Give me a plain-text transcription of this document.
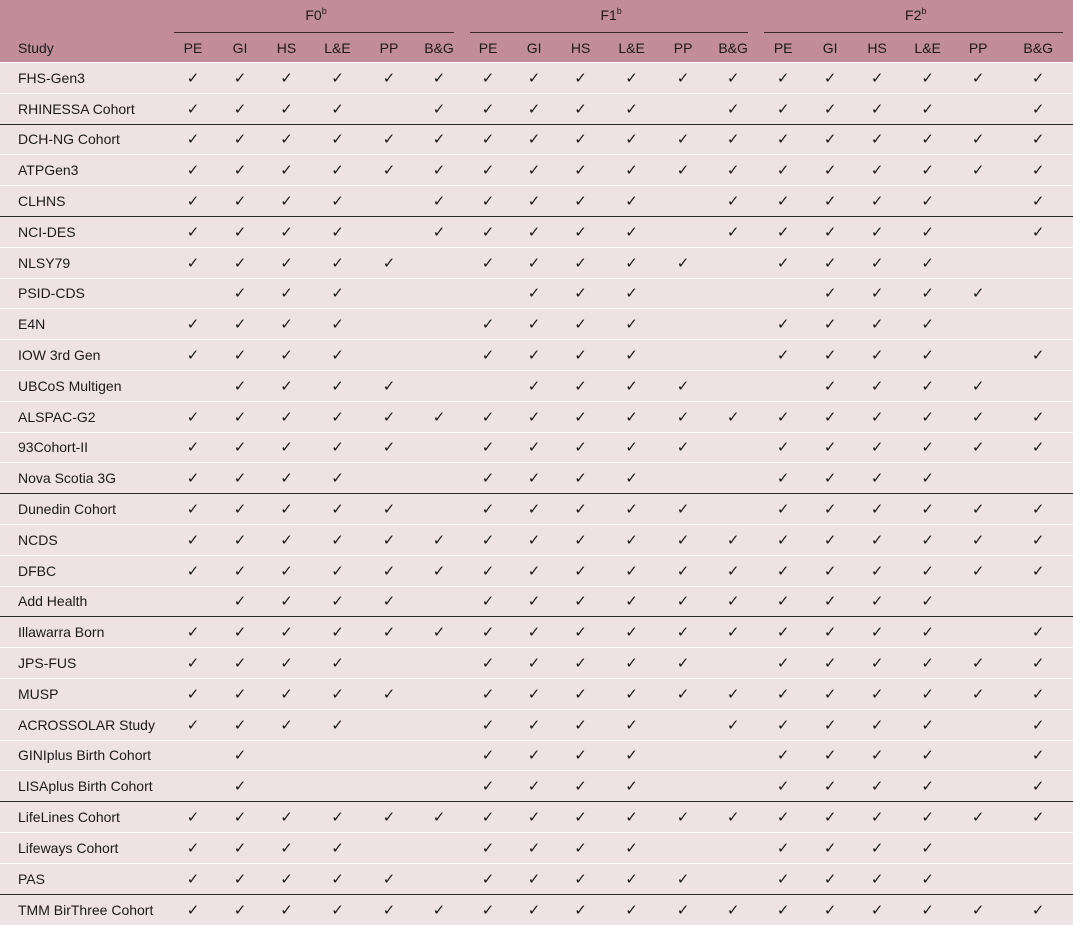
	F0$^b$						F1$^b$						F2$^b$

Study	PE	GI	HS	L&E	PP	B&G	PE	GI	HS	L&E	PP	B&G	PE	GI	HS	L&E	PP	B&G
FHS-Gen3	✓	✓	✓	✓	✓	✓	✓	✓	✓	✓	✓	✓	✓	✓	✓	✓	✓	✓
RHINESSA Cohort	✓	✓	✓	✓		✓	✓	✓	✓	✓		✓	✓	✓	✓	✓		✓
DCH-NG Cohort	✓	✓	✓	✓	✓	✓	✓	✓	✓	✓	✓	✓	✓	✓	✓	✓	✓	✓
ATPGen3	✓	✓	✓	✓	✓	✓	✓	✓	✓	✓	✓	✓	✓	✓	✓	✓	✓	✓
CLHNS	✓	✓	✓	✓		✓	✓	✓	✓	✓		✓	✓	✓	✓	✓		✓
NCI-DES	✓	✓	✓	✓		✓	✓	✓	✓	✓		✓	✓	✓	✓	✓		✓
NLSY79	✓	✓	✓	✓	✓		✓	✓	✓	✓	✓		✓	✓	✓	✓		
PSID-CDS		✓	✓	✓				✓	✓	✓				✓	✓	✓	✓	
E4N	✓	✓	✓	✓			✓	✓	✓	✓			✓	✓	✓	✓		
IOW 3rd Gen	✓	✓	✓	✓			✓	✓	✓	✓			✓	✓	✓	✓		✓
UBCoS Multigen		✓	✓	✓	✓			✓	✓	✓	✓			✓	✓	✓	✓	
ALSPAC-G2	✓	✓	✓	✓	✓	✓	✓	✓	✓	✓	✓	✓	✓	✓	✓	✓	✓	✓
93Cohort-II	✓	✓	✓	✓	✓		✓	✓	✓	✓	✓		✓	✓	✓	✓	✓	✓
Nova Scotia 3G	✓	✓	✓	✓			✓	✓	✓	✓			✓	✓	✓	✓		
Dunedin Cohort	✓	✓	✓	✓	✓		✓	✓	✓	✓	✓		✓	✓	✓	✓	✓	✓
NCDS	✓	✓	✓	✓	✓	✓	✓	✓	✓	✓	✓	✓	✓	✓	✓	✓	✓	✓
DFBC	✓	✓	✓	✓	✓	✓	✓	✓	✓	✓	✓	✓	✓	✓	✓	✓	✓	✓
Add Health		✓	✓	✓	✓		✓	✓	✓	✓	✓	✓	✓	✓	✓	✓		
Illawarra Born	✓	✓	✓	✓	✓	✓	✓	✓	✓	✓	✓	✓	✓	✓	✓	✓		✓
JPS-FUS	✓	✓	✓	✓			✓	✓	✓	✓	✓		✓	✓	✓	✓	✓	✓
MUSP	✓	✓	✓	✓	✓		✓	✓	✓	✓	✓	✓	✓	✓	✓	✓	✓	✓
ACROSSOLAR Study	✓	✓	✓	✓			✓	✓	✓	✓		✓	✓	✓	✓	✓		✓
GINIplus Birth Cohort		✓					✓	✓	✓	✓			✓	✓	✓	✓		✓
LISAplus Birth Cohort		✓					✓	✓	✓	✓			✓	✓	✓	✓		✓
LifeLines Cohort	✓	✓	✓	✓	✓	✓	✓	✓	✓	✓	✓	✓	✓	✓	✓	✓	✓	✓
Lifeways Cohort	✓	✓	✓	✓			✓	✓	✓	✓			✓	✓	✓	✓		
PAS	✓	✓	✓	✓	✓		✓	✓	✓	✓	✓		✓	✓	✓	✓		
TMM BirThree Cohort	✓	✓	✓	✓	✓	✓	✓	✓	✓	✓	✓	✓	✓	✓	✓	✓	✓	✓
